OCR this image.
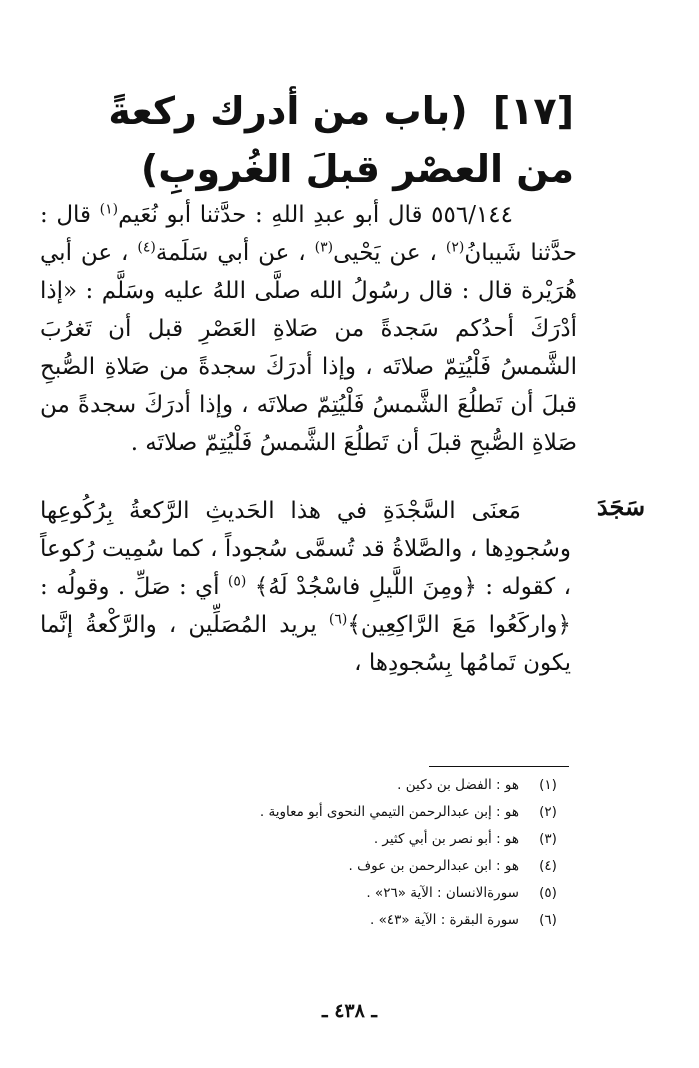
[١٧] (باب من أدرك ركعةً من العصْر قبلَ الغُروبِ)

٥٥٦/١٤٤ قال أبو عبدِ اللهِ : حدَّثنا أبو نُعَيم$^{(١)}$ قال : حدَّثنا شَيبانُ$^{(٢)}$ ، عن يَحْيى$^{(٣)}$ ، عن أبي سَلَمة$^{(٤)}$ ، عن أبي هُرَيْرة قال : قال رسُولُ الله صلَّى اللهُ عليه وسَلَّم : «إذا أدْرَكَ أحدُكم سَجدةً من صَلاةِ العَصْرِ قبل أن تَغرُبَ الشَّمسُ فَلْيُتِمّ صلاتَه ، وإذا أدرَكَ سجدةً من صَلاةِ الصُّبحِ قبلَ أن تَطلُعَ الشَّمسُ فَلْيُتِمّ صلاتَه ، وإذا أدرَكَ سجدةً من صَلاةِ الصُّبحِ قبلَ أن تَطلُعَ الشَّمسُ فَلْيُتِمّ صلاتَه .

سَجَدَ

مَعنَى السَّجْدَةِ في هذا الحَديثِ الرَّكعةُ بِرُكُوعِها وسُجودِها ، والصَّلاةُ قد تُسمَّى سُجوداً ، كما سُمِيت رُكوعاً ، كقوله : ﴿ومِنَ اللَّيلِ فاسْجُدْ لَهُ﴾ $^{(٥)}$ أي : صَلِّ . وقولُه : ﴿واركَعُوا مَعَ الرَّاكِعِين﴾$^{(٦)}$ يريد المُصَلِّين ، والرَّكْعةُ إنَّما يكون تَمامُها بِسُجودِها ،

(١)
هو : الفضل بن دكين .
(٢)
هو : إبن عبدالرحمن التيمي النحوى أبو معاوية .
(٣)
هو : أبو نصر بن أبي كثير .
(٤)
هو : ابن عبدالرحمن بن عوف .
(٥)
سورةالانسان : الآية «٢٦» .
(٦)
سورة البقرة : الآية «٤٣» .
ـ ٤٣٨ ـ
